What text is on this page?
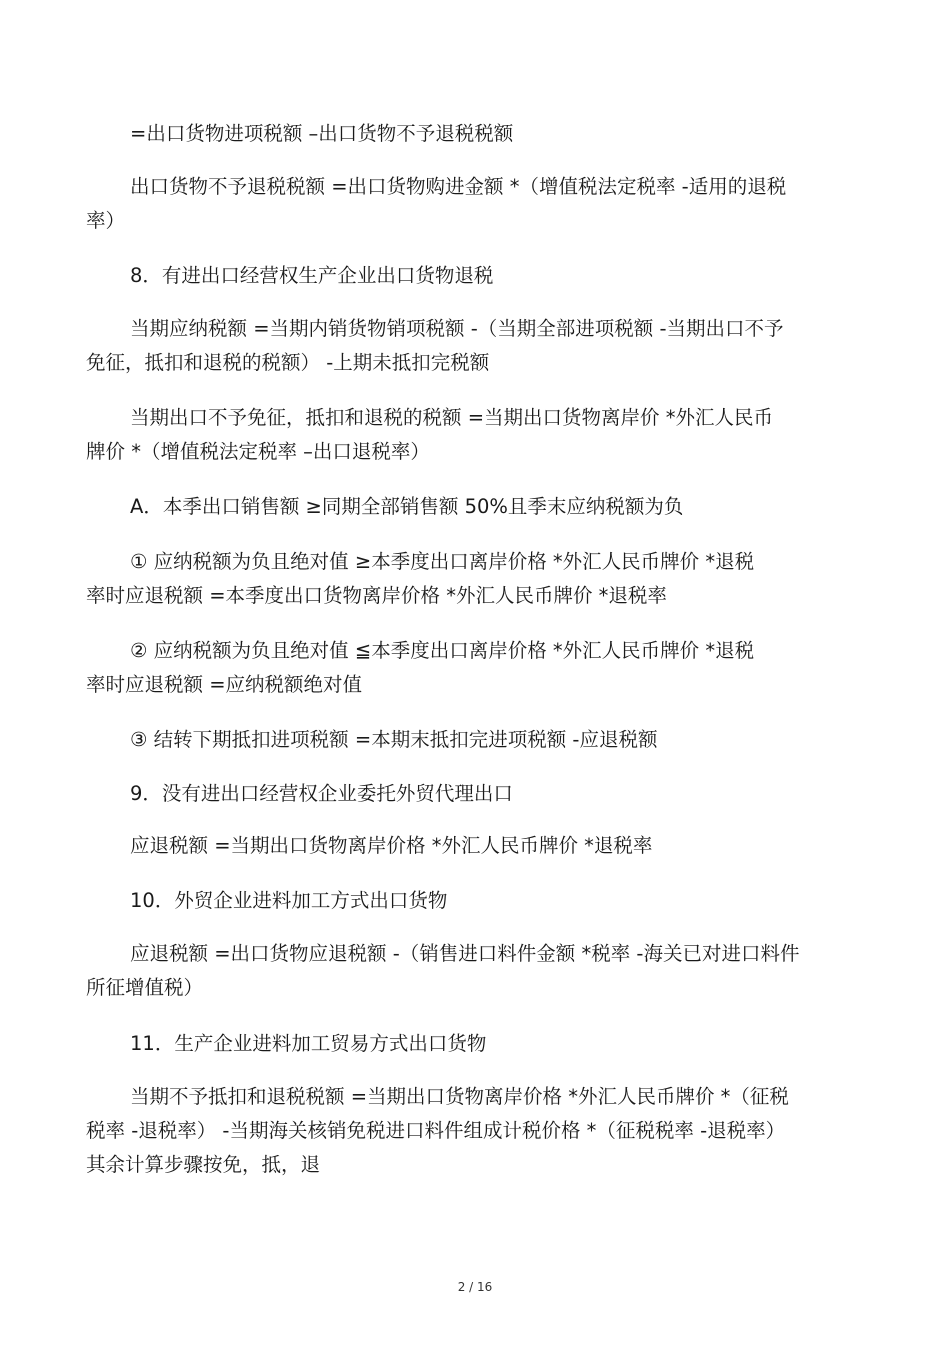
=出口货物进项税额 –出口货物不予退税税额

出口货物不予退税税额 =出口货物购进金额 *（增值税法定税率 -适用的退税
率）

8．有进出口经营权生产企业出口货物退税

当期应纳税额 =当期内销货物销项税额 -（当期全部进项税额 -当期出口不予
免征，抵扣和退税的税额） -上期未抵扣完税额
当期出口不予免征，抵扣和退税的税额 =当期出口货物离岸价 *外汇人民币
牌价 *（增值税法定税率 –出口退税率）

A．本季出口销售额 ≥同期全部销售额 50%且季末应纳税额为负

① 应纳税额为负且绝对值 ≥本季度出口离岸价格 *外汇人民币牌价 *退税
率时应退税额 =本季度出口货物离岸价格 *外汇人民币牌价 *退税率
② 应纳税额为负且绝对值 ≦本季度出口离岸价格 *外汇人民币牌价 *退税
率时应退税额 =应纳税额绝对值

③ 结转下期抵扣进项税额 =本期末抵扣完进项税额 -应退税额

9．没有进出口经营权企业委托外贸代理出口

应退税额 =当期出口货物离岸价格 *外汇人民币牌价 *退税率

10．外贸企业进料加工方式出口货物

应退税额 =出口货物应退税额 -（销售进口料件金额 *税率 -海关已对进口料件
所征增值税）

11．生产企业进料加工贸易方式出口货物

当期不予抵扣和退税税额 =当期出口货物离岸价格 *外汇人民币牌价 *（征税
税率 -退税率） -当期海关核销免税进口料件组成计税价格 *（征税税率 -退税率）
其余计算步骤按免，抵，退
2 / 16
